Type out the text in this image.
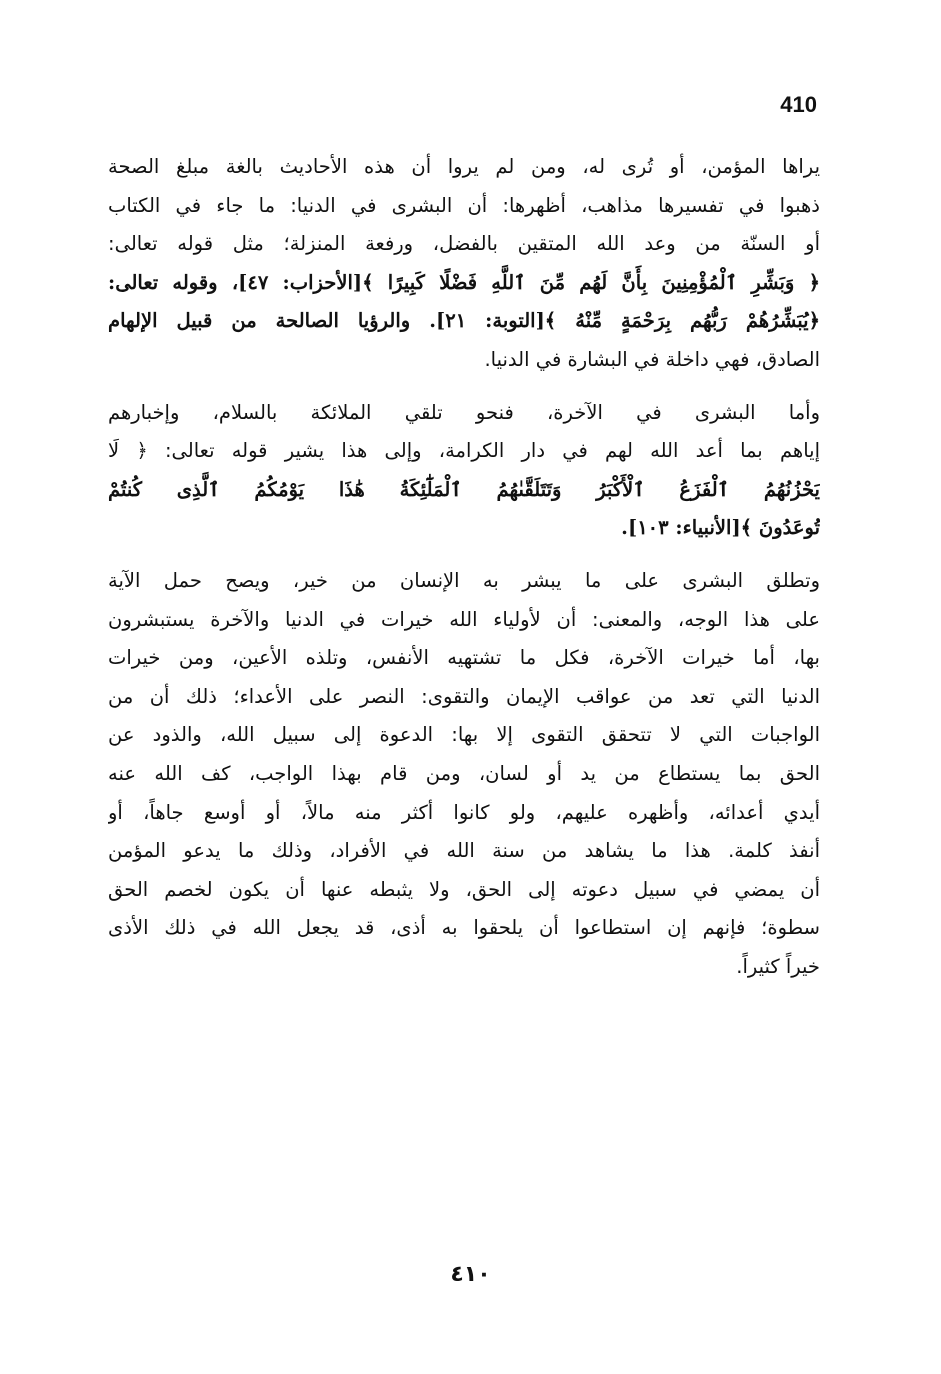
410
يراها المؤمن، أو تُرى له، ومن لم يروا أن هذه الأحاديث بالغة مبلغ الصحة
ذهبوا في تفسيرها مذاهب، أظهرها: أن البشرى في الدنيا: ما جاء في الكتاب
أو السنّة من وعد الله المتقين بالفضل، ورفعة المنزلة؛ مثل قوله تعالى:
﴿ وَبَشِّرِ ٱلْمُؤْمِنِينَ بِأَنَّ لَهُم مِّنَ ٱللَّهِ فَضْلًا كَبِيرًا ﴾[الأحزاب: ٤٧]، وقوله تعالى:
﴿يُبَشِّرُهُمْ رَبُّهُم بِرَحْمَةٍ مِّنْهُ ﴾[التوبة: ٢١]. والرؤيا الصالحة من قبيل الإلهام
الصادق، فهي داخلة في البشارة في الدنيا.
وأما البشرى في الآخرة، فنحو تلقي الملائكة بالسلام، وإخبارهم
إياهم بما أعد الله لهم في دار الكرامة، وإلى هذا يشير قوله تعالى: ﴿ لَا
يَحْزُنُهُمُ ٱلْفَزَعُ ٱلْأَكْبَرُ وَتَتَلَقَّىٰهُمُ ٱلْمَلَٰٓئِكَةُ هَٰذَا يَوْمُكُمُ ٱلَّذِى كُنتُمْ
تُوعَدُونَ ﴾[الأنبياء: ١٠٣].
وتطلق البشرى على ما يبشر به الإنسان من خير، ويصح حمل الآية
على هذا الوجه، والمعنى: أن لأولياء الله خيرات في الدنيا والآخرة يستبشرون
بها، أما خيرات الآخرة، فكل ما تشتهيه الأنفس، وتلذه الأعين، ومن خيرات
الدنيا التي تعد من عواقب الإيمان والتقوى: النصر على الأعداء؛ ذلك أن من
الواجبات التي لا تتحقق التقوى إلا بها: الدعوة إلى سبيل الله، والذود عن
الحق بما يستطاع من يد أو لسان، ومن قام بهذا الواجب، كف الله عنه
أيدي أعدائه، وأظهره عليهم، ولو كانوا أكثر منه مالاً، أو أوسع جاهاً، أو
أنفذ كلمة. هذا ما يشاهد من سنة الله في الأفراد، وذلك ما يدعو المؤمن
أن يمضي في سبيل دعوته إلى الحق، ولا يثبطه عنها أن يكون لخصم الحق
سطوة؛ فإنهم إن استطاعوا أن يلحقوا به أذى، قد يجعل الله في ذلك الأذى
خيراً كثيراً.
٤١٠
